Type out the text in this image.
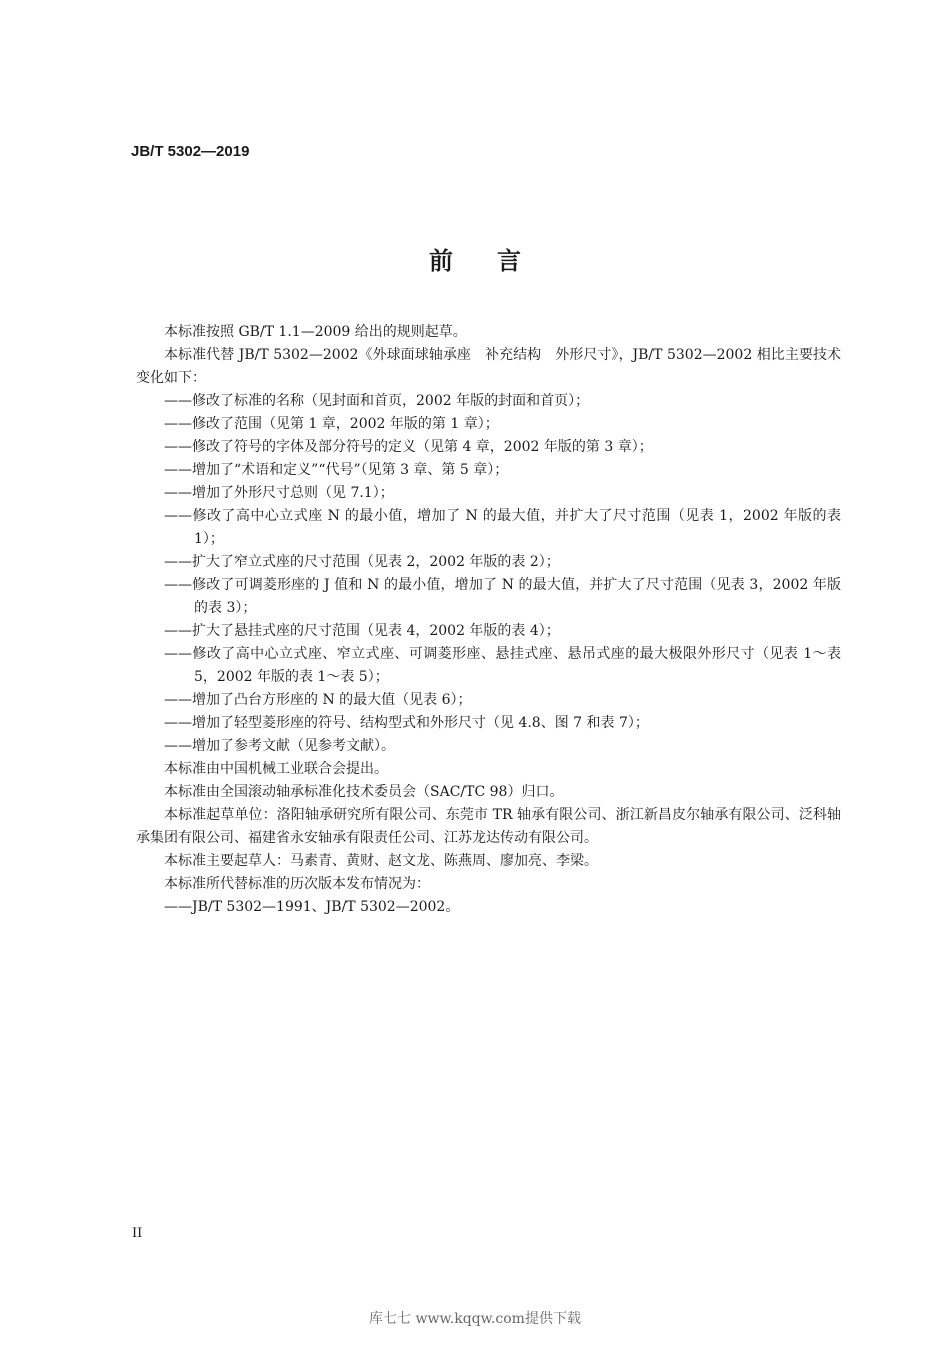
JB/T 5302—2019
前言

本标准按照 GB/T 1.1—2009 给出的规则起草。

本标准代替 JB/T 5302—2002《外球面球轴承座　补充结构　外形尺寸》，JB/T 5302—2002 相比主要技术变化如下：

——修改了标准的名称（见封面和首页，2002 年版的封面和首页）；

——修改了范围（见第 1 章，2002 年版的第 1 章）；

——修改了符号的字体及部分符号的定义（见第 4 章，2002 年版的第 3 章）；

——增加了“术语和定义”“代号”（见第 3 章、第 5 章）；

——增加了外形尺寸总则（见 7.1）；

——修改了高中心立式座 N 的最小值，增加了 N 的最大值，并扩大了尺寸范围（见表 1，2002 年版的表 1）；

——扩大了窄立式座的尺寸范围（见表 2，2002 年版的表 2）；

——修改了可调菱形座的 J 值和 N 的最小值，增加了 N 的最大值，并扩大了尺寸范围（见表 3，2002 年版的表 3）；

——扩大了悬挂式座的尺寸范围（见表 4，2002 年版的表 4）；

——修改了高中心立式座、窄立式座、可调菱形座、悬挂式座、悬吊式座的最大极限外形尺寸（见表 1～表 5，2002 年版的表 1～表 5）；

——增加了凸台方形座的 N 的最大值（见表 6）；

——增加了轻型菱形座的符号、结构型式和外形尺寸（见 4.8、图 7 和表 7）；

——增加了参考文献（见参考文献）。

本标准由中国机械工业联合会提出。

本标准由全国滚动轴承标准化技术委员会（SAC/TC 98）归口。

本标准起草单位：洛阳轴承研究所有限公司、东莞市 TR 轴承有限公司、浙江新昌皮尔轴承有限公司、泛科轴承集团有限公司、福建省永安轴承有限责任公司、江苏龙达传动有限公司。

本标准主要起草人：马素青、黄财、赵文龙、陈燕周、廖加亮、李梁。

本标准所代替标准的历次版本发布情况为：

——JB/T 5302—1991、JB/T 5302—2002。

II
库七七 www.kqqw.com提供下载
